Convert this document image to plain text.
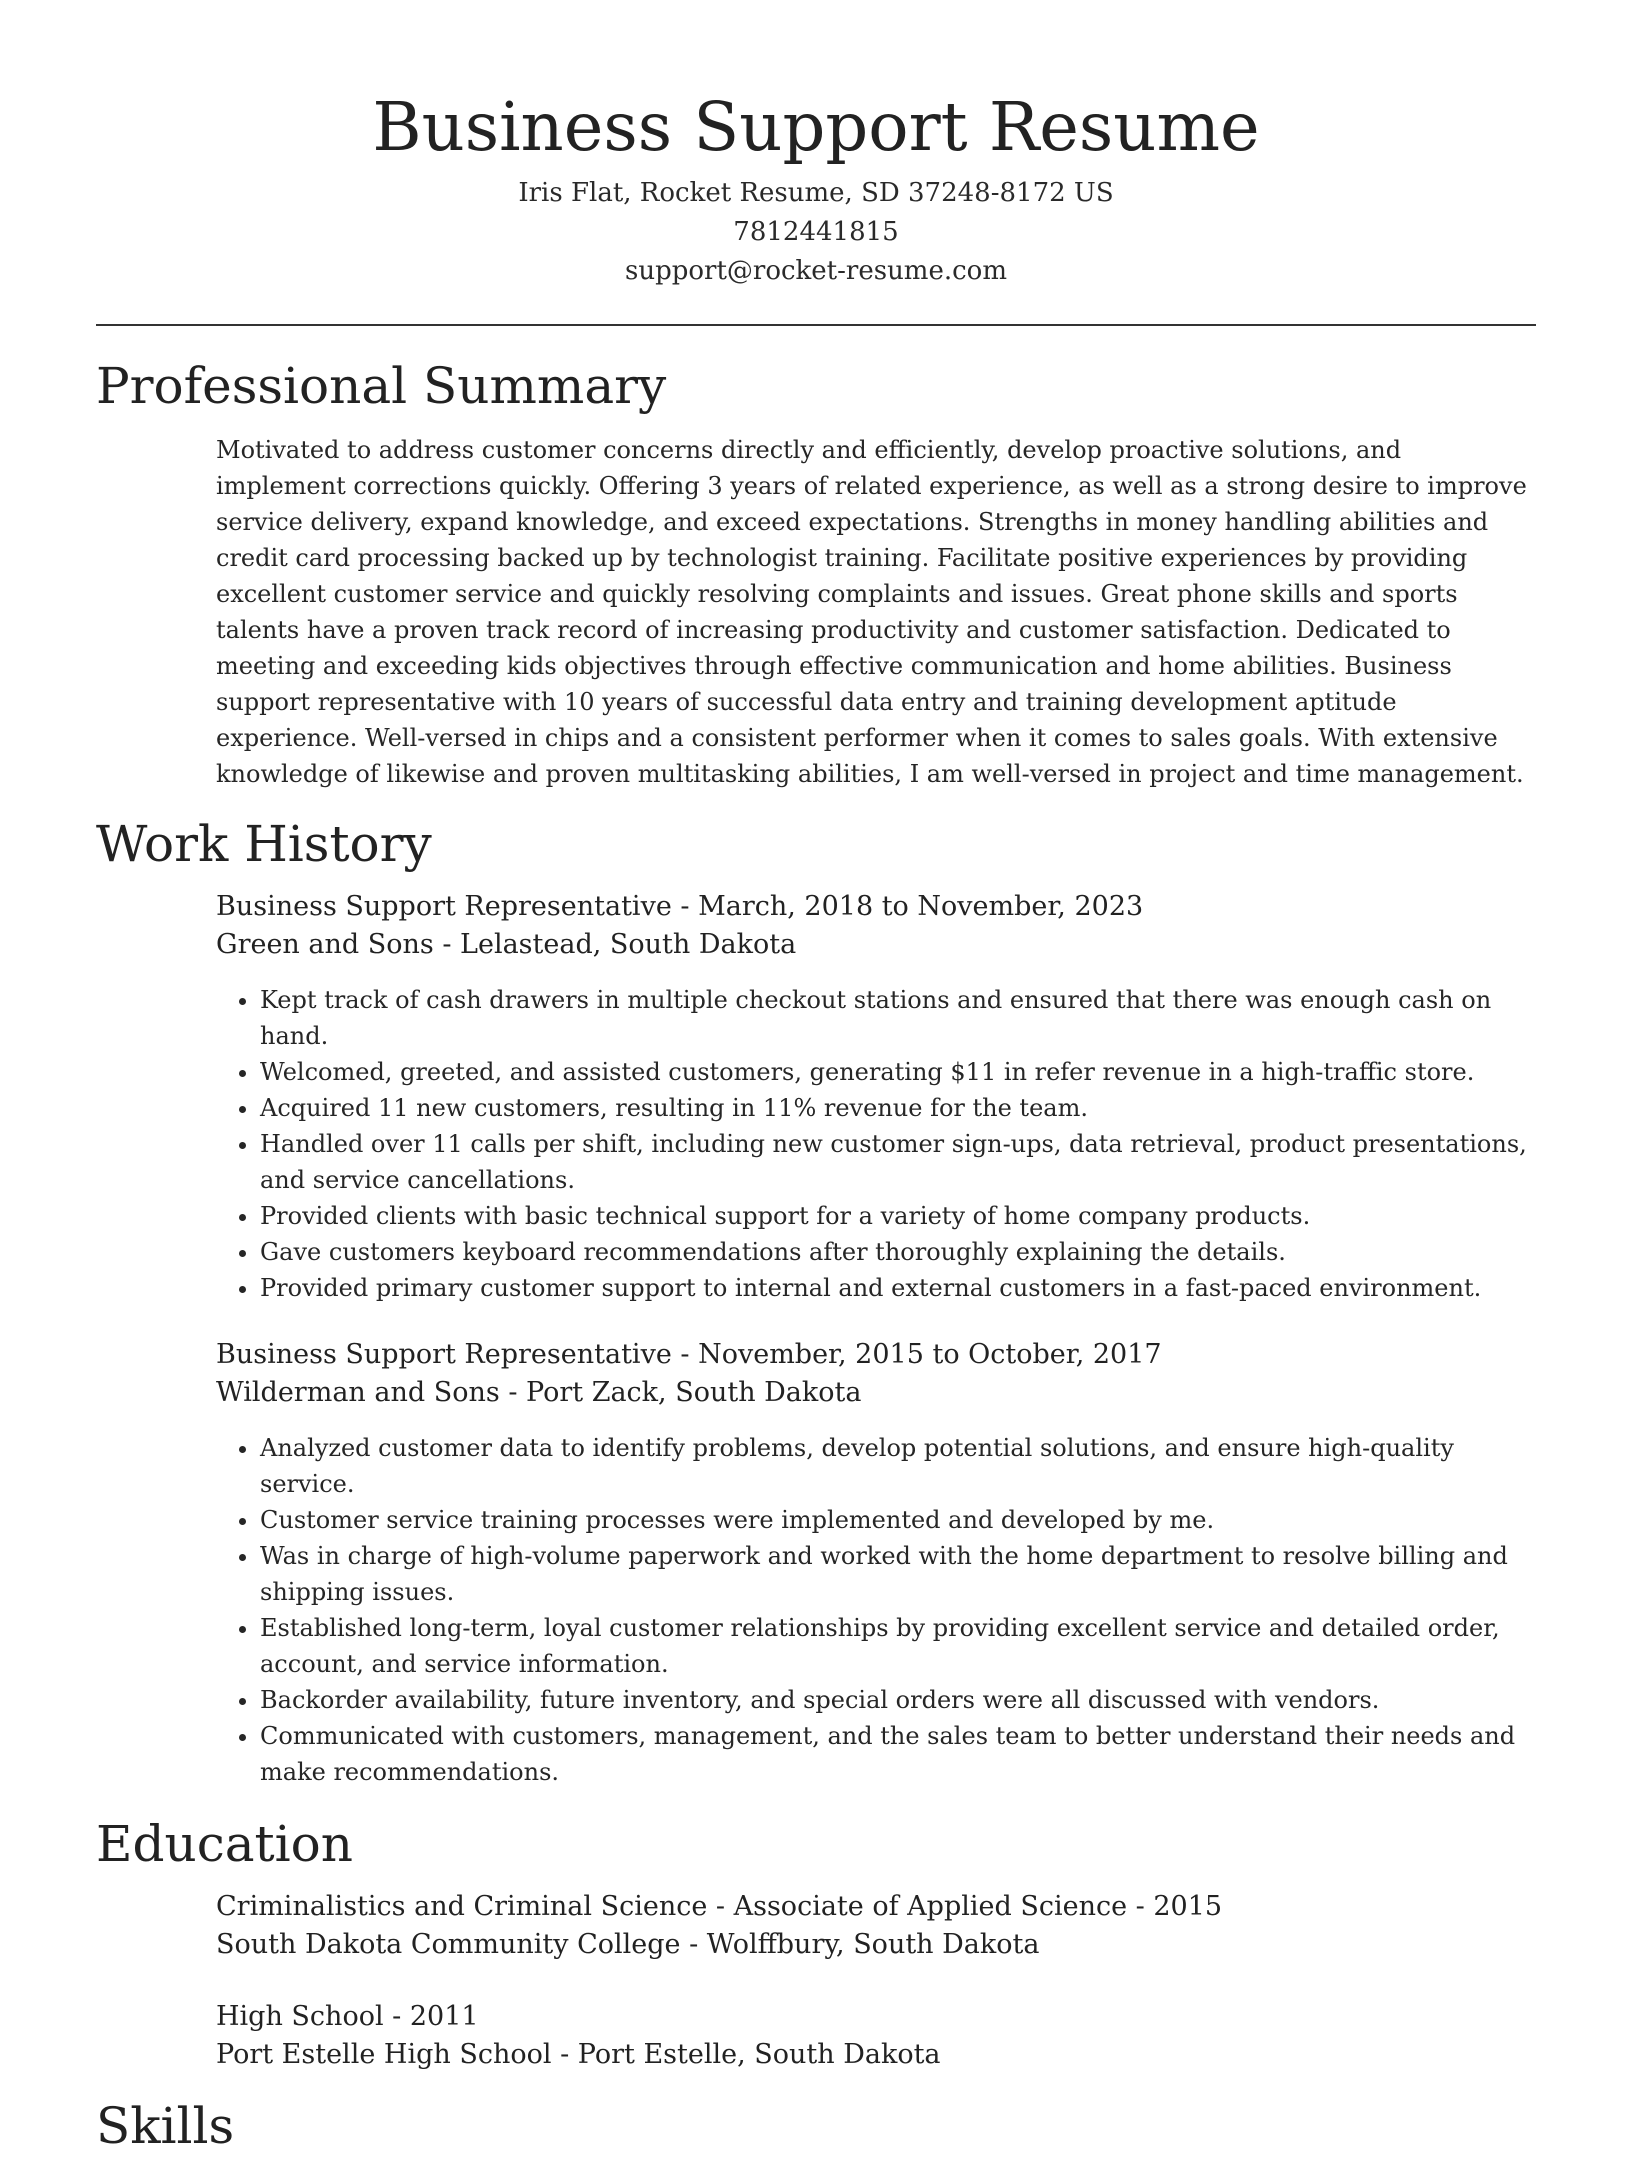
Business Support Resume

Iris Flat, Rocket Resume, SD 37248-8172 US

7812441815

support@rocket-resume.com

Professional Summary

Motivated to address customer concerns directly and efficiently, develop proactive solutions, and implement corrections quickly. Offering 3 years of related experience, as well as a strong desire to improve service delivery, expand knowledge, and exceed expectations. Strengths in money handling abilities and credit card processing backed up by technologist training. Facilitate positive experiences by providing excellent customer service and quickly resolving complaints and issues. Great phone skills and sports talents have a proven track record of increasing productivity and customer satisfaction. Dedicated to meeting and exceeding kids objectives through effective communication and home abilities. Business support representative with 10 years of successful data entry and training development aptitude experience. Well-versed in chips and a consistent performer when it comes to sales goals. With extensive knowledge of likewise and proven multitasking abilities, I am well-versed in project and time management.

Work History

Business Support Representative - March, 2018 to November, 2023

Green and Sons - Lelastead, South Dakota

• Kept track of cash drawers in multiple checkout stations and ensured that there was enough cash on hand.
• Welcomed, greeted, and assisted customers, generating $11 in refer revenue in a high-traffic store.
• Acquired 11 new customers, resulting in 11% revenue for the team.
• Handled over 11 calls per shift, including new customer sign-ups, data retrieval, product presentations, and service cancellations.
• Provided clients with basic technical support for a variety of home company products.
• Gave customers keyboard recommendations after thoroughly explaining the details.
• Provided primary customer support to internal and external customers in a fast-paced environment.

Business Support Representative - November, 2015 to October, 2017

Wilderman and Sons - Port Zack, South Dakota

• Analyzed customer data to identify problems, develop potential solutions, and ensure high-quality service.
• Customer service training processes were implemented and developed by me.
• Was in charge of high-volume paperwork and worked with the home department to resolve billing and shipping issues.
• Established long-term, loyal customer relationships by providing excellent service and detailed order, account, and service information.
• Backorder availability, future inventory, and special orders were all discussed with vendors.
• Communicated with customers, management, and the sales team to better understand their needs and make recommendations.
Education

Criminalistics and Criminal Science - Associate of Applied Science - 2015

South Dakota Community College - Wolffbury, South Dakota

High School - 2011

Port Estelle High School - Port Estelle, South Dakota

Skills
